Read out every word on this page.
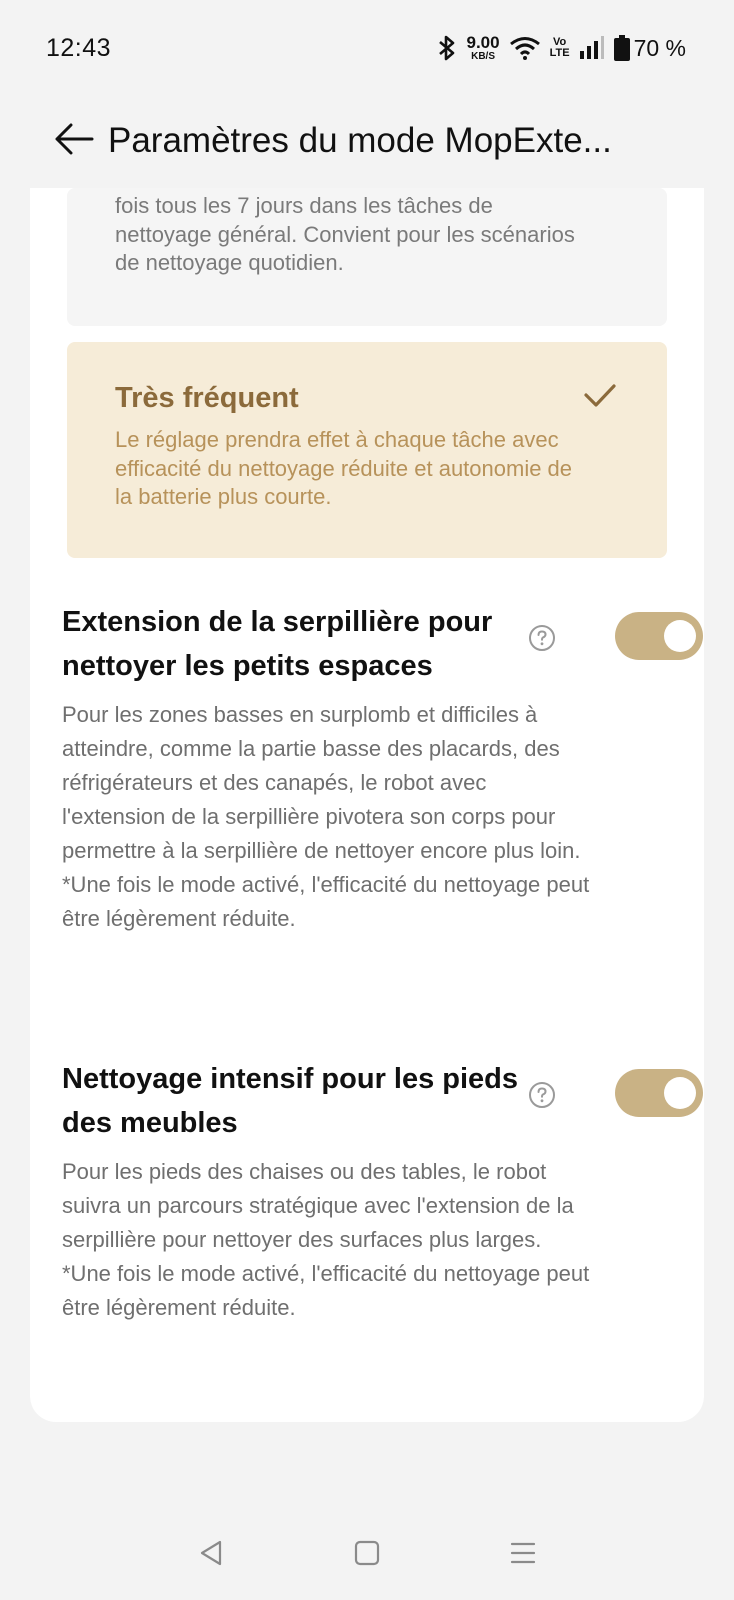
12:43	9.00
KB/S
Vo
LTE	70 %
Paramètres du mode MopExte...
fois tous les 7 jours dans les tâches de nettoyage général. Convient pour les scénarios de nettoyage quotidien.
Très fréquent
Le réglage prendra effet à chaque tâche avec efficacité du nettoyage réduite et autonomie de la batterie plus courte.
Extension de la serpillière pour nettoyer les petits espaces
Pour les zones basses en surplomb et difficiles à atteindre, comme la partie basse des placards, des réfrigérateurs et des canapés, le robot avec l'extension de la serpillière pivotera son corps pour permettre à la serpillière de nettoyer encore plus loin.
*Une fois le mode activé, l'efficacité du nettoyage peut être légèrement réduite.
Nettoyage intensif pour les pieds des meubles
Pour les pieds des chaises ou des tables, le robot suivra un parcours stratégique avec l'extension de la serpillière pour nettoyer des surfaces plus larges.
*Une fois le mode activé, l'efficacité du nettoyage peut être légèrement réduite.
